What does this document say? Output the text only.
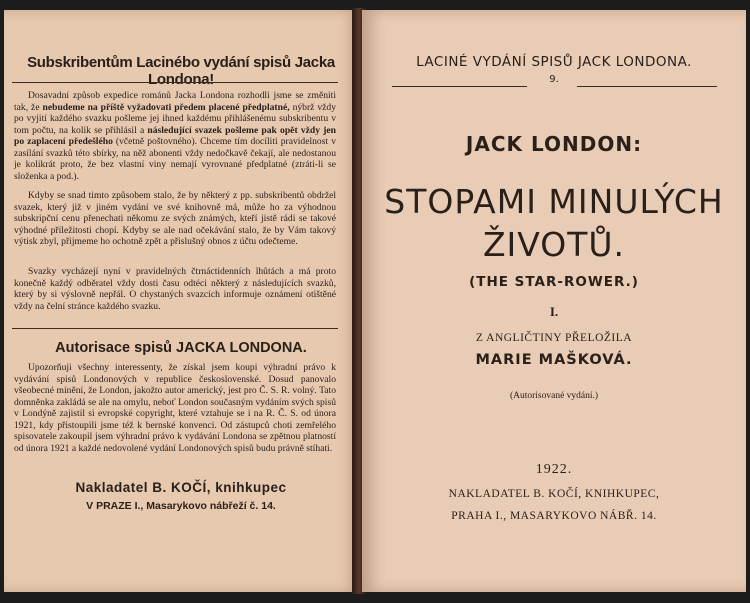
Subskribentům Lacinébo vydání spisů Jacka Londona!
Dosavadní způsob expedice románů Jacka Londona rozhodli jsme se změniti tak, že nebudeme na příště vyžadovati předem placené předplatné, nýbrž vždy po vyjití každého svazku pošleme jej ihned každému přihlášenému subskribentu v tom počtu, na kolik se přihlásil a následující svazek pošleme pak opět vždy jen po zaplacení předešlého (včetně poštovného). Chceme tím docíliti pravidelnost v zasílání svazků této sbírky, na něž abonenti vždy nedočkavě čekají, ale nedostanou je kolikrát proto, že bez vlastní viny nemají vyrovnané předplatné (ztráti-li se složenka a pod.).
Kdyby se snad timto způsobem stalo, že by některý z pp. subskribentů obdržel svazek, který již v jiném vydání ve své knihovně má, může ho za výhodnou subskripční cenu přenechati někomu ze svých známých, kteří jistě rádi se takové výhodné příležitosti chopí. Kdyby se ale nad očekávání stalo, že by Vám takový výtisk zbyl, přijmeme ho ochotně zpět a přislušný obnos z účtu odečteme.
Svazky vycházejí nyní v pravidelných čtrnáctidenních lhůtách a má proto konečně každý odběratel vždy dosti času odtéci některý z následujících svazků, který by si výslovně nepřál. O chystaných svazcích informuje oznámení otištěné vždy na čelní stránce každého svazku.
Autorisace spisů JACKA LONDONA.
Upozorňuji všechny interessenty, že získal jsem koupi výhradní právo k vydávání spisů Londonových v republice československé. Dosud panovalo všeobecné mínění, že London, jakožto autor americký, jest pro Č. S. R. volný. Tato domněnka zakládá se ale na omylu, neboť London současným vydáním svých spisů v Londýně zajistil si evropské copyright, které vztahuje se i na R. Č. S. od února 1921, kdy přistoupili jsme též k bernské konvenci. Od zástupců choti zemřelého spisovatele zakoupil jsem výhradní právo k vydávání Londona se zpětnou platností od února 1921 a každé nedovolené vydání Londonových spisů budu právně stíhati.
Nakladatel B. KOČÍ, knihkupec
V PRAZE I., Masarykovo nábřeží č. 14.
LACINÉ VYDÁNÍ SPISŮ JACK LONDONA.
9.
JACK LONDON:
STOPAMI MINULÝCH
ŽIVOTŮ.
(THE STAR-ROWER.)
I.
Z ANGLIČTINY PŘELOŽILA
MARIE MAŠKOVÁ.
(Autorisované vydání.)
1922.
NAKLADATEL B. KOČÍ, KNIHKUPEC,
PRAHA I., MASARYKOVO NÁBŘ. 14.
